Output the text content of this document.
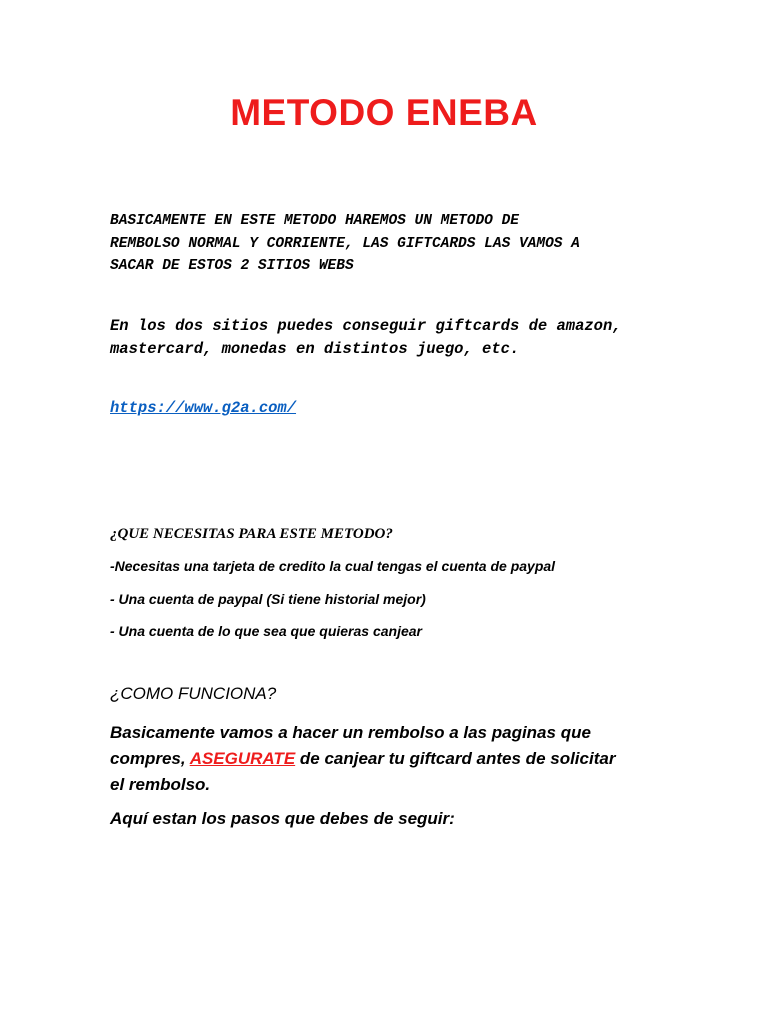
METODO ENEBA
BASICAMENTE EN ESTE METODO HAREMOS UN METODO DE
REMBOLSO NORMAL Y CORRIENTE, LAS GIFTCARDS LAS VAMOS A
SACAR DE ESTOS 2 SITIOS WEBS
En los dos sitios puedes conseguir giftcards de amazon,
mastercard, monedas en distintos juego, etc.
https://www.g2a.com/
¿QUE NECESITAS PARA ESTE METODO?
-Necesitas una tarjeta de credito la cual tengas el cuenta de paypal
- Una cuenta de paypal (Si tiene historial mejor)
- Una cuenta de lo que sea que quieras canjear
¿COMO FUNCIONA?
Basicamente vamos a hacer un rembolso a las paginas que
compres, ASEGURATE de canjear tu giftcard antes de solicitar
el rembolso.
Aquí estan los pasos que debes de seguir:
